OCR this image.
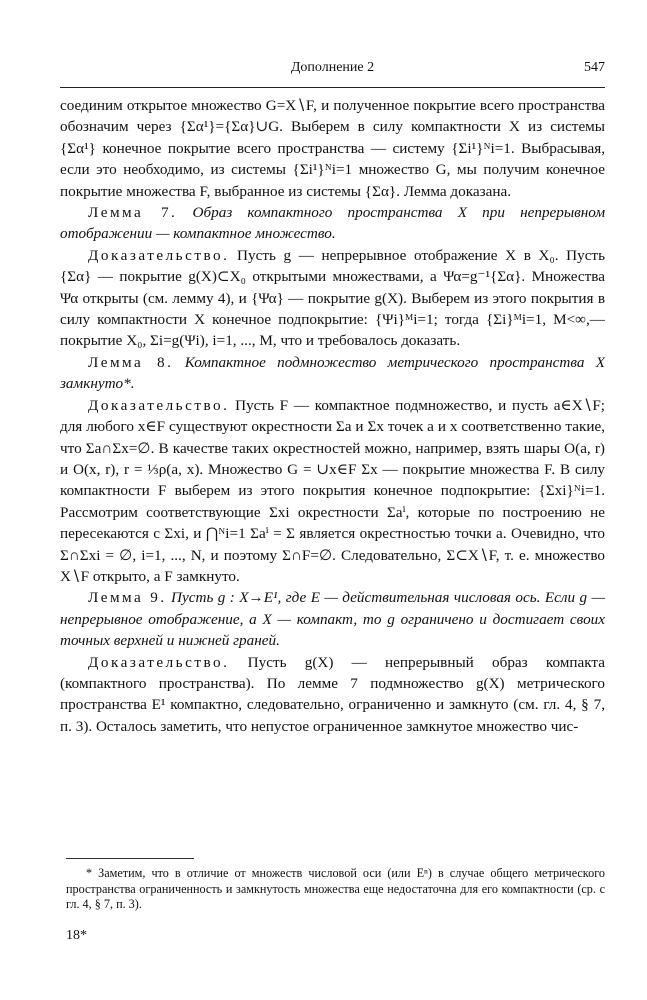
Дополнение 2	547

соединим открытое множество G=X∖F, и полученное покрытие всего пространства обозначим через {Σα¹}={Σα}∪G. Выберем в силу компактности X из системы {Σα¹} конечное покрытие всего пространства — систему {Σi¹}ᴺi=1. Выбрасывая, если это необходимо, из системы {Σi¹}ᴺi=1 множество G, мы получим конечное покрытие множества F, выбранное из системы {Σα}. Лемма доказана.

Лемма 7. Образ компактного пространства X при непрерывном отображении — компактное множество.

Доказательство. Пусть g — непрерывное отображение X в X₀. Пусть {Σα} — покрытие g(X)⊂X₀ открытыми множествами, а Ψα=g⁻¹{Σα}. Множества Ψα открыты (см. лемму 4), и {Ψα} — покрытие g(X). Выберем из этого покрытия в силу компактности X конечное подпокрытие: {Ψi}ᴹi=1; тогда {Σi}ᴹi=1, M<∞,— покрытие X₀, Σi=g(Ψi), i=1, ..., M, что и требовалось доказать.

Лемма 8. Компактное подмножество метрического пространства X замкнуто*.

Доказательство. Пусть F — компактное подмножество, и пусть a∈X∖F; для любого x∈F существуют окрестности Σa и Σx точек a и x соответственно такие, что Σa∩Σx=∅. В качестве таких окрестностей можно, например, взять шары O(a, r) и O(x, r), r = ⅓ρ(a, x). Множество G = ∪x∈F Σx — покрытие множества F. В силу компактности F выберем из этого покрытия конечное подпокрытие: {Σxi}ᴺi=1. Рассмотрим соответствующие Σxi окрестности Σaⁱ, которые по построению не пересекаются с Σxi, и ⋂ᴺi=1 Σaⁱ = Σ является окрестностью точки a. Очевидно, что Σ∩Σxi = ∅, i=1, ..., N, и поэтому Σ∩F=∅. Следовательно, Σ⊂X∖F, т. е. множество X∖F открыто, а F замкнуто.

Лемма 9. Пусть g : X→E¹, где E — действительная числовая ось. Если g — непрерывное отображение, а X — компакт, то g ограничено и достигает своих точных верхней и нижней граней.

Доказательство. Пусть g(X) — непрерывный образ компакта (компактного пространства). По лемме 7 подмножество g(X) метрического пространства E¹ компактно, следовательно, ограниченно и замкнуто (см. гл. 4, § 7, п. 3). Осталось заметить, что непустое ограниченное замкнутое множество чис-

* Заметим, что в отличие от множеств числовой оси (или Eⁿ) в случае общего метрического пространства ограниченность и замкнутость множества еще недостаточна для его компактности (ср. с гл. 4, § 7, п. 3).

18*
